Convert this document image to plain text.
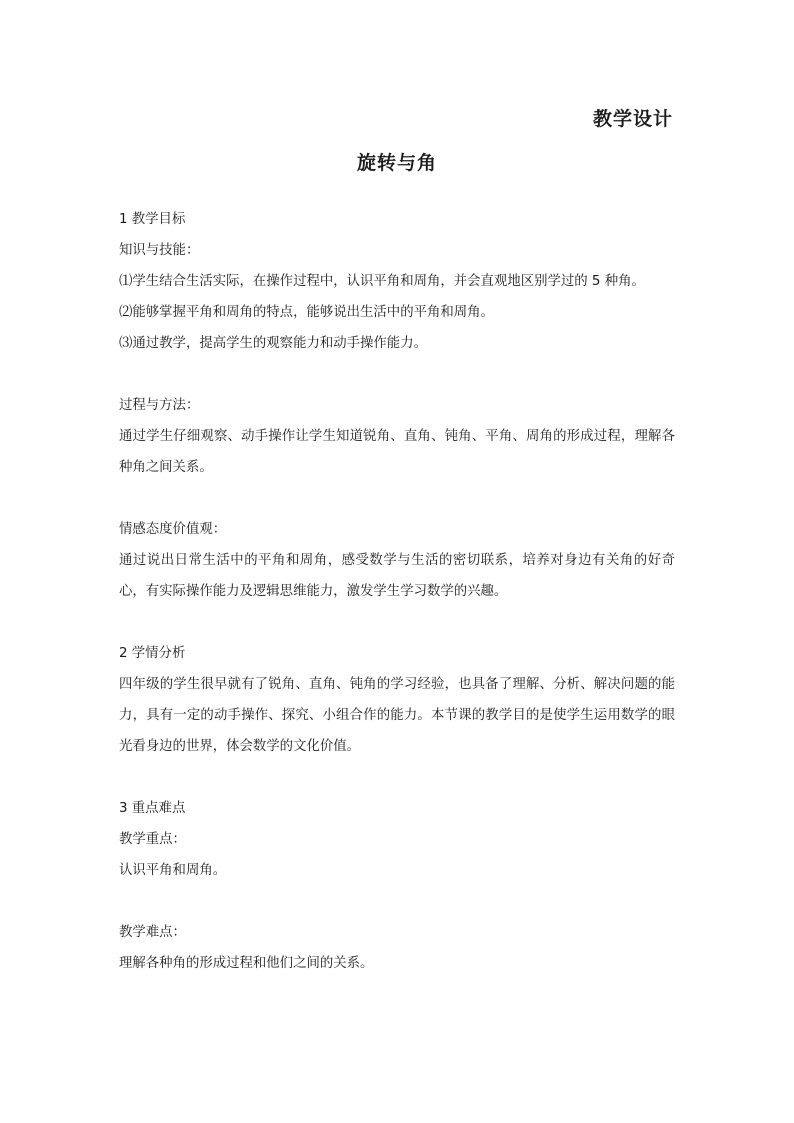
教学设计
旋转与角

1 教学目标

知识与技能：

⑴学生结合生活实际，在操作过程中，认识平角和周角，并会直观地区别学过的 5 种角。

⑵能够掌握平角和周角的特点，能够说出生活中的平角和周角。

⑶通过教学，提高学生的观察能力和动手操作能力。

过程与方法：

通过学生仔细观察、动手操作让学生知道锐角、直角、钝角、平角、周角的形成过程，理解各种角之间关系。

情感态度价值观：

通过说出日常生活中的平角和周角，感受数学与生活的密切联系，培养对身边有关角的好奇心，有实际操作能力及逻辑思维能力，激发学生学习数学的兴趣。

2 学情分析

四年级的学生很早就有了锐角、直角、钝角的学习经验，也具备了理解、分析、解决问题的能力，具有一定的动手操作、探究、小组合作的能力。本节课的教学目的是使学生运用数学的眼光看身边的世界，体会数学的文化价值。

3 重点难点

教学重点：

认识平角和周角。

教学难点：

理解各种角的形成过程和他们之间的关系。
